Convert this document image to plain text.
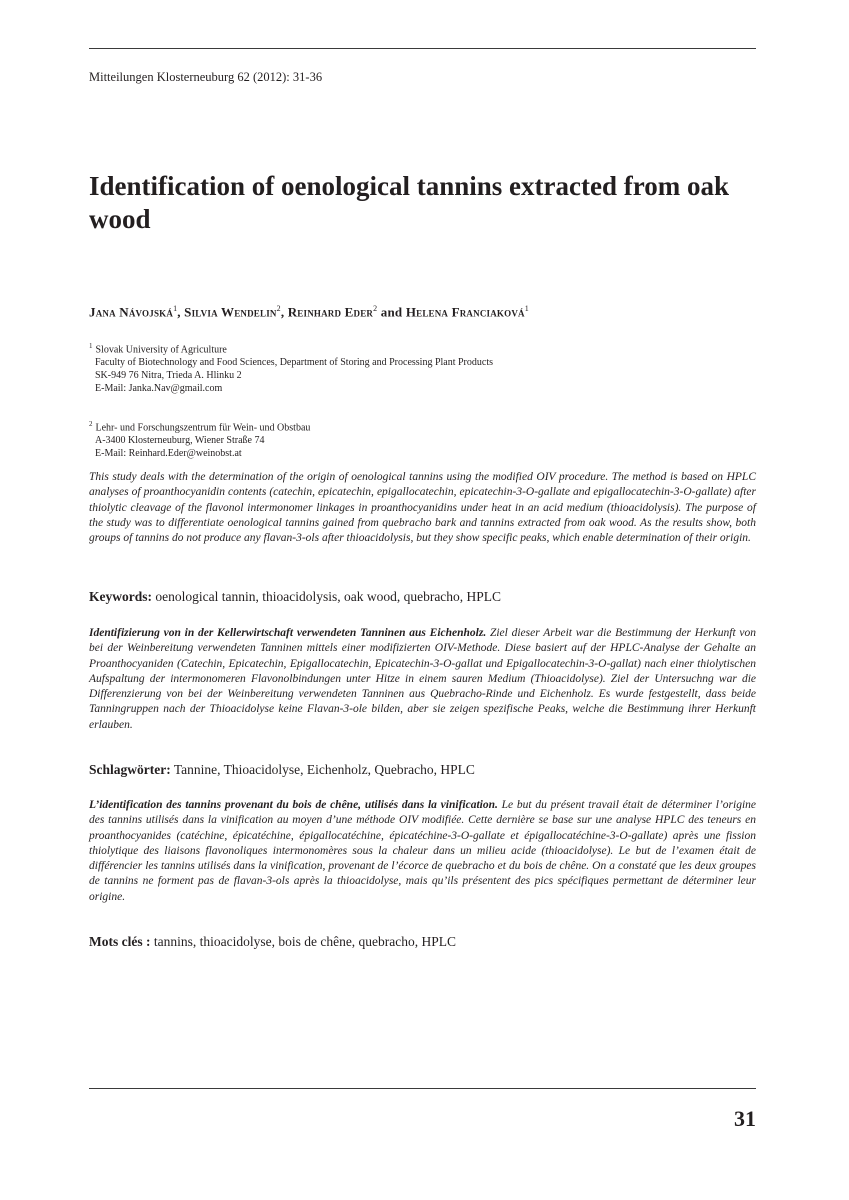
Mitteilungen Klosterneuburg 62 (2012): 31-36
Identification of oenological tannins extracted from oak wood
Jana Návojská$^1$, Silvia Wendelin$^2$, Reinhard Eder$^2$ and Helena Franciaková$^1$
$^1$ Slovak University of Agriculture
Faculty of Biotechnology and Food Sciences, Department of Storing and Processing Plant Products
SK-949 76 Nitra, Trieda A. Hlinku 2
E-Mail: Janka.Nav@gmail.com
$^2$ Lehr- und Forschungszentrum für Wein- und Obstbau
A-3400 Klosterneuburg, Wiener Straße 74
E-Mail: Reinhard.Eder@weinobst.at

This study deals with the determination of the origin of oenological tannins using the modified OIV procedure. The method is based on HPLC analyses of proanthocyanidin contents (catechin, epicatechin, epigallocatechin, epicatechin-3-O-gallate and epigallocatechin-3-O-gallate) after thiolytic cleavage of the flavonol intermonomer linkages in proanthocyanidins under heat in an acid medium (thioacidolysis). The purpose of the study was to differentiate oenological tannins gained from quebracho bark and tannins extracted from oak wood. As the results show, both groups of tannins do not produce any flavan-3-ols after thioacidolysis, but they show specific peaks, which enable determination of their origin.

Keywords: oenological tannin, thioacidolysis, oak wood, quebracho, HPLC

Identifizierung von in der Kellerwirtschaft verwendeten Tanninen aus Eichenholz. Ziel dieser Arbeit war die Bestimmung der Herkunft von bei der Weinbereitung verwendeten Tanninen mittels einer modifizierten OIV-Methode. Diese basiert auf der HPLC-Analyse der Gehalte an Proanthocyaniden (Catechin, Epicatechin, Epigallocatechin, Epicatechin-3-O-gallat und Epigallocatechin-3-O-gallat) nach einer thiolytischen Aufspaltung der intermonomeren Flavonolbindungen unter Hitze in einem sauren Medium (Thioacidolyse). Ziel der Untersuchng war die Differenzierung von bei der Weinbereitung verwendeten Tanninen aus Quebracho-Rinde und Eichenholz. Es wurde festgestellt, dass beide Tanningruppen nach der Thioacidolyse keine Flavan-3-ole bilden, aber sie zeigen spezifische Peaks, welche die Bestimmung ihrer Herkunft erlauben.

Schlagwörter: Tannine, Thioacidolyse, Eichenholz, Quebracho, HPLC

L’identification des tannins provenant du bois de chêne, utilisés dans la vinification. Le but du présent travail était de déterminer l’origine des tannins utilisés dans la vinification au moyen d’une méthode OIV modifiée. Cette dernière se base sur une analyse HPLC des teneurs en proanthocyanides (catéchine, épicatéchine, épigallocatéchine, épicatéchine-3-O-gallate et épigallocatéchine-3-O-gallate) après une fission thiolytique des liaisons flavonoliques intermonomères sous la chaleur dans un milieu acide (thioacidolyse). Le but de l’examen était de différencier les tannins utilisés dans la vinification, provenant de l’écorce de quebracho et du bois de chêne. On a constaté que les deux groupes de tannins ne forment pas de flavan-3-ols après la thioacidolyse, mais qu’ils présentent des pics spécifiques permettant de déterminer leur origine.

Mots clés : tannins, thioacidolyse, bois de chêne, quebracho, HPLC
31
